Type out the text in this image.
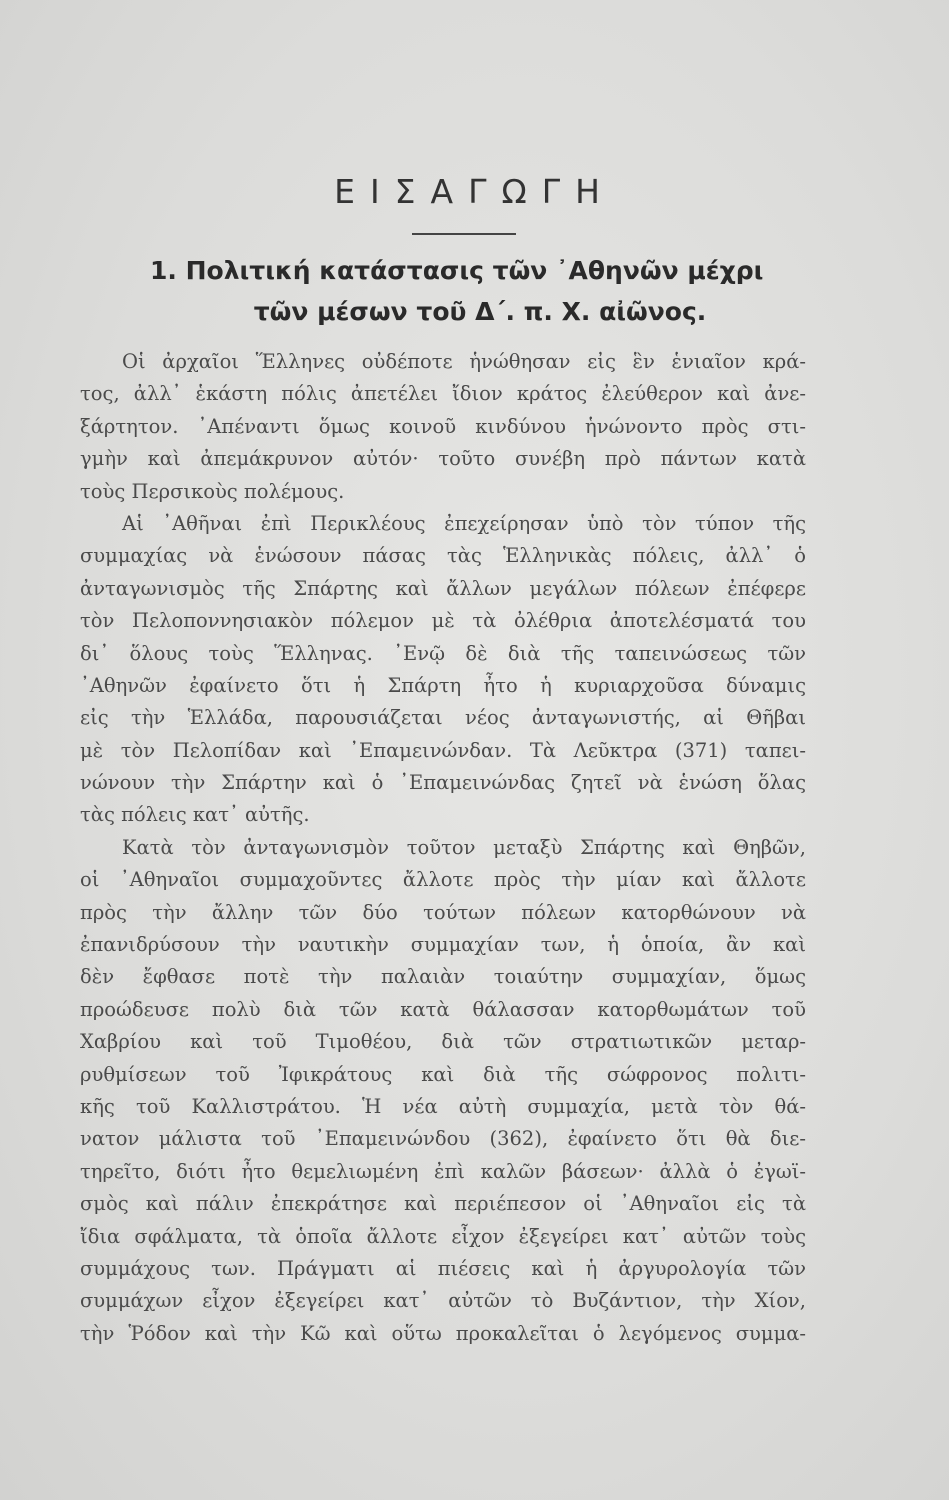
ΕΙΣΑΓΩΓΗ
1. Πολιτική κατάστασις τῶν ᾿Αθηνῶν μέχρι
τῶν μέσων τοῦ Δ΄. π. Χ. αἰῶνος.
Οἱ ἀρχαῖοι Ἕλληνες οὐδέποτε ἡνώθησαν εἰς ἓν ἑνιαῖον κρά-
τος, ἀλλ᾿ ἑκάστη πόλις ἀπετέλει ἴδιον κράτος ἐλεύθερον καὶ ἀνε-
ξάρτητον. ᾿Απέναντι ὅμως κοινοῦ κινδύνου ἡνώνοντο πρὸς στι-
γμὴν καὶ ἀπεμάκρυνον αὐτόν· τοῦτο συνέβη πρὸ πάντων κατὰ
τοὺς Περσικοὺς πολέμους.
Αἱ ᾿Αθῆναι ἐπὶ Περικλέους ἐπεχείρησαν ὑπὸ τὸν τύπον τῆς
συμμαχίας νὰ ἑνώσουν πάσας τὰς Ἑλληνικὰς πόλεις, ἀλλ᾿ ὁ
ἀνταγωνισμὸς τῆς Σπάρτης καὶ ἄλλων μεγάλων πόλεων ἐπέφερε
τὸν Πελοποννησιακὸν πόλεμον μὲ τὰ ὀλέθρια ἀποτελέσματά του
δι᾿ ὅλους τοὺς Ἕλληνας. ᾿Ενῷ δὲ διὰ τῆς ταπεινώσεως τῶν
᾿Αθηνῶν ἐφαίνετο ὅτι ἡ Σπάρτη ἦτο ἡ κυριαρχοῦσα δύναμις
εἰς τὴν Ἑλλάδα, παρουσιάζεται νέος ἀνταγωνιστής, αἱ Θῆβαι
μὲ τὸν Πελοπίδαν καὶ ᾿Επαμεινώνδαν. Τὰ Λεῦκτρα (371) ταπει-
νώνουν τὴν Σπάρτην καὶ ὁ ᾿Επαμεινώνδας ζητεῖ νὰ ἑνώση ὅλας
τὰς πόλεις κατ᾿ αὐτῆς.
Κατὰ τὸν ἀνταγωνισμὸν τοῦτον μεταξὺ Σπάρτης καὶ Θηβῶν,
οἱ ᾿Αθηναῖοι συμμαχοῦντες ἄλλοτε πρὸς τὴν μίαν καὶ ἄλλοτε
πρὸς τὴν ἄλλην τῶν δύο τούτων πόλεων κατορθώνουν νὰ
ἐπανιδρύσουν τὴν ναυτικὴν συμμαχίαν των, ἡ ὁποία, ἂν καὶ
δὲν ἔφθασε ποτὲ τὴν παλαιὰν τοιαύτην συμμαχίαν, ὅμως
προώδευσε πολὺ διὰ τῶν κατὰ θάλασσαν κατορθωμάτων τοῦ
Χαβρίου καὶ τοῦ Τιμοθέου, διὰ τῶν στρατιωτικῶν μεταρ-
ρυθμίσεων τοῦ Ἰφικράτους καὶ διὰ τῆς σώφρονος πολιτι-
κῆς τοῦ Καλλιστράτου. Ἡ νέα αὐτὴ συμμαχία, μετὰ τὸν θά-
νατον μάλιστα τοῦ ᾿Επαμεινώνδου (362), ἐφαίνετο ὅτι θὰ διε-
τηρεῖτο, διότι ἦτο θεμελιωμένη ἐπὶ καλῶν βάσεων· ἀλλὰ ὁ ἐγωϊ-
σμὸς καὶ πάλιν ἐπεκράτησε καὶ περιέπεσον οἱ ᾿Αθηναῖοι εἰς τὰ
ἴδια σφάλματα, τὰ ὁποῖα ἄλλοτε εἶχον ἐξεγείρει κατ᾿ αὐτῶν τοὺς
συμμάχους των. Πράγματι αἱ πιέσεις καὶ ἡ ἀργυρολογία τῶν
συμμάχων εἶχον ἐξεγείρει κατ᾿ αὐτῶν τὸ Βυζάντιον, τὴν Χίον,
τὴν Ῥόδον καὶ τὴν Κῶ καὶ οὕτω προκαλεῖται ὁ λεγόμενος συμμα-
